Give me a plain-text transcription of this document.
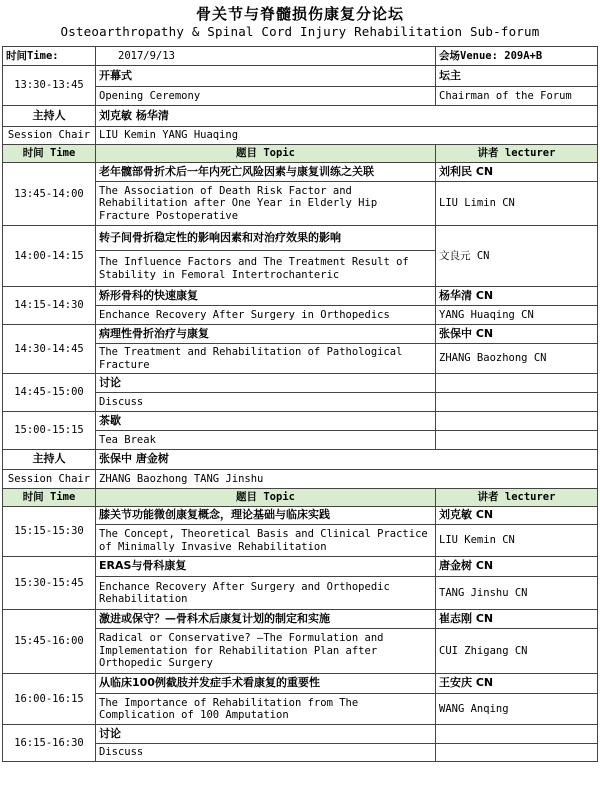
骨关节与脊髓损伤康复分论坛
Osteoarthropathy & Spinal Cord Injury Rehabilitation Sub-forum
时间Time:	2017/9/13	会场Venue: 209A+B
13:30-13:45	开幕式	坛主
	Opening Ceremony	Chairman of the Forum
主持人	刘克敏 杨华清	
Session Chair	LIU Kemin YANG Huaqing	
时间 Time	题目 Topic	讲者 lecturer
13:45-14:00	老年髋部骨折术后一年内死亡风险因素与康复训练之关联	刘利民 CN
	The Association of Death Risk Factor and Rehabilitation after One Year in Elderly Hip Fracture Postoperative	LIU Limin CN
14:00-14:15	转子间骨折稳定性的影响因素和对治疗效果的影响	文良元 CN
	The Influence Factors and The Treatment Result of Stability in Femoral Intertrochanteric	
14:15-14:30	矫形骨科的快速康复	杨华清 CN
	Enchance Recovery After Surgery in Orthopedics	YANG Huaqing CN
14:30-14:45	病理性骨折治疗与康复	张保中 CN
	The Treatment and Rehabilitation of Pathological Fracture	ZHANG Baozhong CN
14:45-15:00	讨论	
	Discuss	
15:00-15:15	茶歇	
	Tea Break	
主持人	张保中 唐金树	
Session Chair	ZHANG Baozhong TANG Jinshu	
时间 Time	题目 Topic	讲者 lecturer
15:15-15:30	膝关节功能微创康复概念，理论基础与临床实践	刘克敏 CN
	The Concept, Theoretical Basis and Clinical Practice of Minimally Invasive Rehabilitation	LIU Kemin CN
15:30-15:45	ERAS与骨科康复	唐金树 CN
	Enchance Recovery After Surgery and Orthopedic Rehabilitation	TANG Jinshu CN
15:45-16:00	激进或保守？—骨科术后康复计划的制定和实施	崔志刚 CN
	Radical or Conservative? —The Formulation and Implementation for Rehabilitation Plan after Orthopedic Surgery	CUI Zhigang CN
16:00-16:15	从临床100例截肢并发症手术看康复的重要性	王安庆 CN
	The Importance of Rehabilitation from The Complication of 100 Amputation	WANG Anqing
16:15-16:30	讨论	
	Discuss	
